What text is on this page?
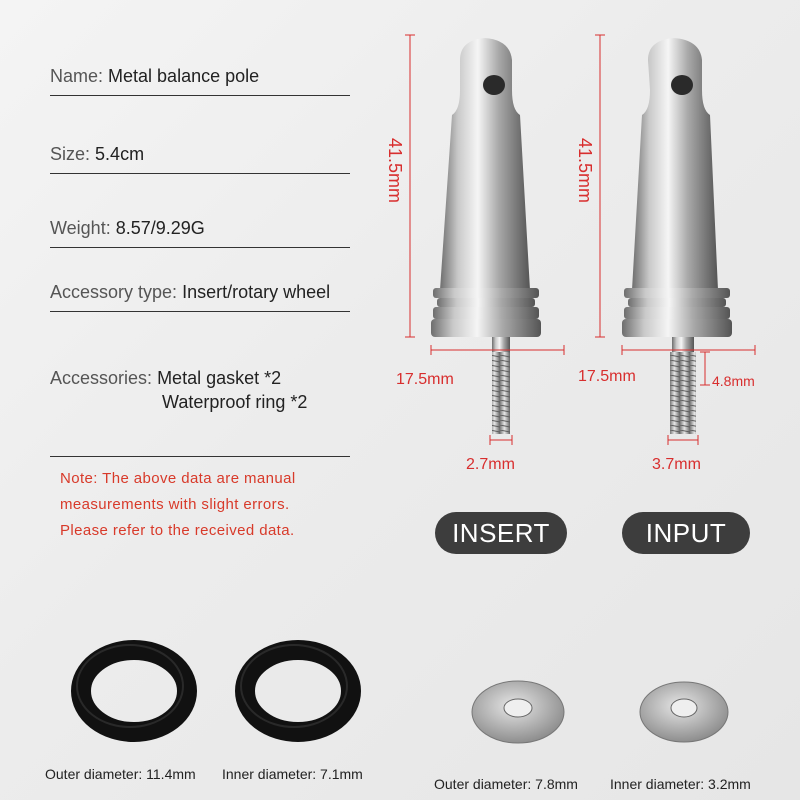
Name: Metal balance pole
Size: 5.4cm
Weight: 8.57/9.29G
Accessory type: Insert/rotary wheel
Accessories: Metal gasket *2
Waterproof ring *2
Note: The above data are manual
measurements with slight errors.
Please refer to the received data.
41.5mm	41.5mm
17.5mm	17.5mm	4.8mm
2.7mm	3.7mm
INSERT	INPUT
Outer diameter: 11.4mm Inner diameter: 7.1mm
Outer diameter: 7.8mm Inner diameter: 3.2mm
